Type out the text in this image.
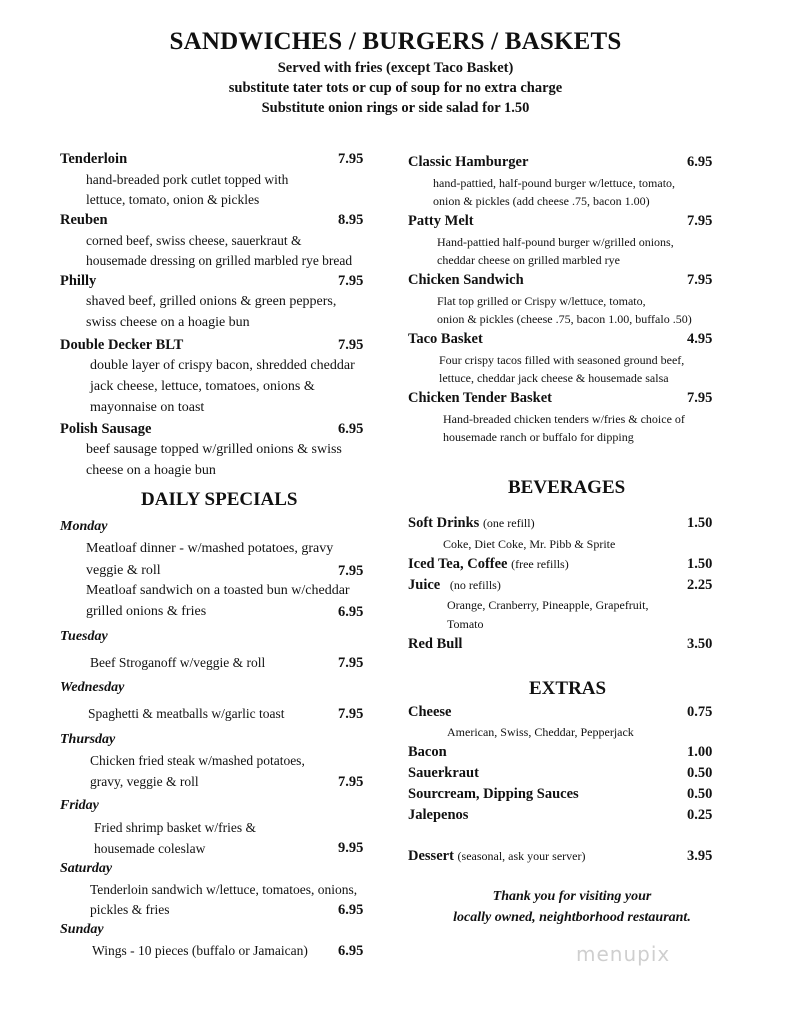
SANDWICHES / BURGERS / BASKETS
Served with fries (except Taco Basket)
substitute tater tots or cup of soup for no extra charge
Substitute onion rings or side salad for 1.50
Tenderloin	7.95
hand-breaded pork cutlet topped with
lettuce, tomato, onion & pickles
Reuben	8.95
corned beef, swiss cheese, sauerkraut &
housemade dressing on grilled marbled rye bread
Philly	7.95
shaved beef, grilled onions & green peppers,
swiss cheese on a hoagie bun
Double Decker BLT	7.95
double layer of crispy bacon, shredded cheddar
jack cheese, lettuce, tomatoes, onions &
mayonnaise on toast
Polish Sausage	6.95
beef sausage topped w/grilled onions & swiss
cheese on a hoagie bun
DAILY SPECIALS
Monday
Meatloaf dinner - w/mashed potatoes, gravy
veggie & roll	7.95
Meatloaf sandwich on a toasted bun w/cheddar
grilled onions & fries	6.95
Tuesday
Beef Stroganoff w/veggie & roll	7.95
Wednesday
Spaghetti & meatballs w/garlic toast	7.95
Thursday
Chicken fried steak w/mashed potatoes,
gravy, veggie & roll	7.95
Friday
Fried shrimp basket w/fries &
housemade coleslaw	9.95
Saturday
Tenderloin sandwich w/lettuce, tomatoes, onions,
pickles & fries	6.95
Sunday
Wings - 10 pieces (buffalo or Jamaican) 6.95
Classic Hamburger	6.95
hand-pattied, half-pound burger w/lettuce, tomato,
onion & pickles (add cheese .75, bacon 1.00)
Patty Melt	7.95
Hand-pattied half-pound burger w/grilled onions,
cheddar cheese on grilled marbled rye
Chicken Sandwich	7.95
Flat top grilled or Crispy w/lettuce, tomato,
onion & pickles (cheese .75, bacon 1.00, buffalo .50)
Taco Basket	4.95
Four crispy tacos filled with seasoned ground beef,
lettuce, cheddar jack cheese & housemade salsa
Chicken Tender Basket	7.95
Hand-breaded chicken tenders w/fries & choice of
housemade ranch or buffalo for dipping
BEVERAGES
Soft Drinks (one refill)	1.50
Coke, Diet Coke, Mr. Pibb & Sprite
Iced Tea, Coffee (free refills)	1.50
Juice (no refills)	2.25
Orange, Cranberry, Pineapple, Grapefruit,
Tomato
Red Bull	3.50
EXTRAS
Cheese	0.75
American, Swiss, Cheddar, Pepperjack
Bacon	1.00
Sauerkraut	0.50
Sourcream, Dipping Sauces	0.50
Jalepenos	0.25
Dessert (seasonal, ask your server)	3.95
Thank you for visiting your
locally owned, neightborhood restaurant.
menupix
